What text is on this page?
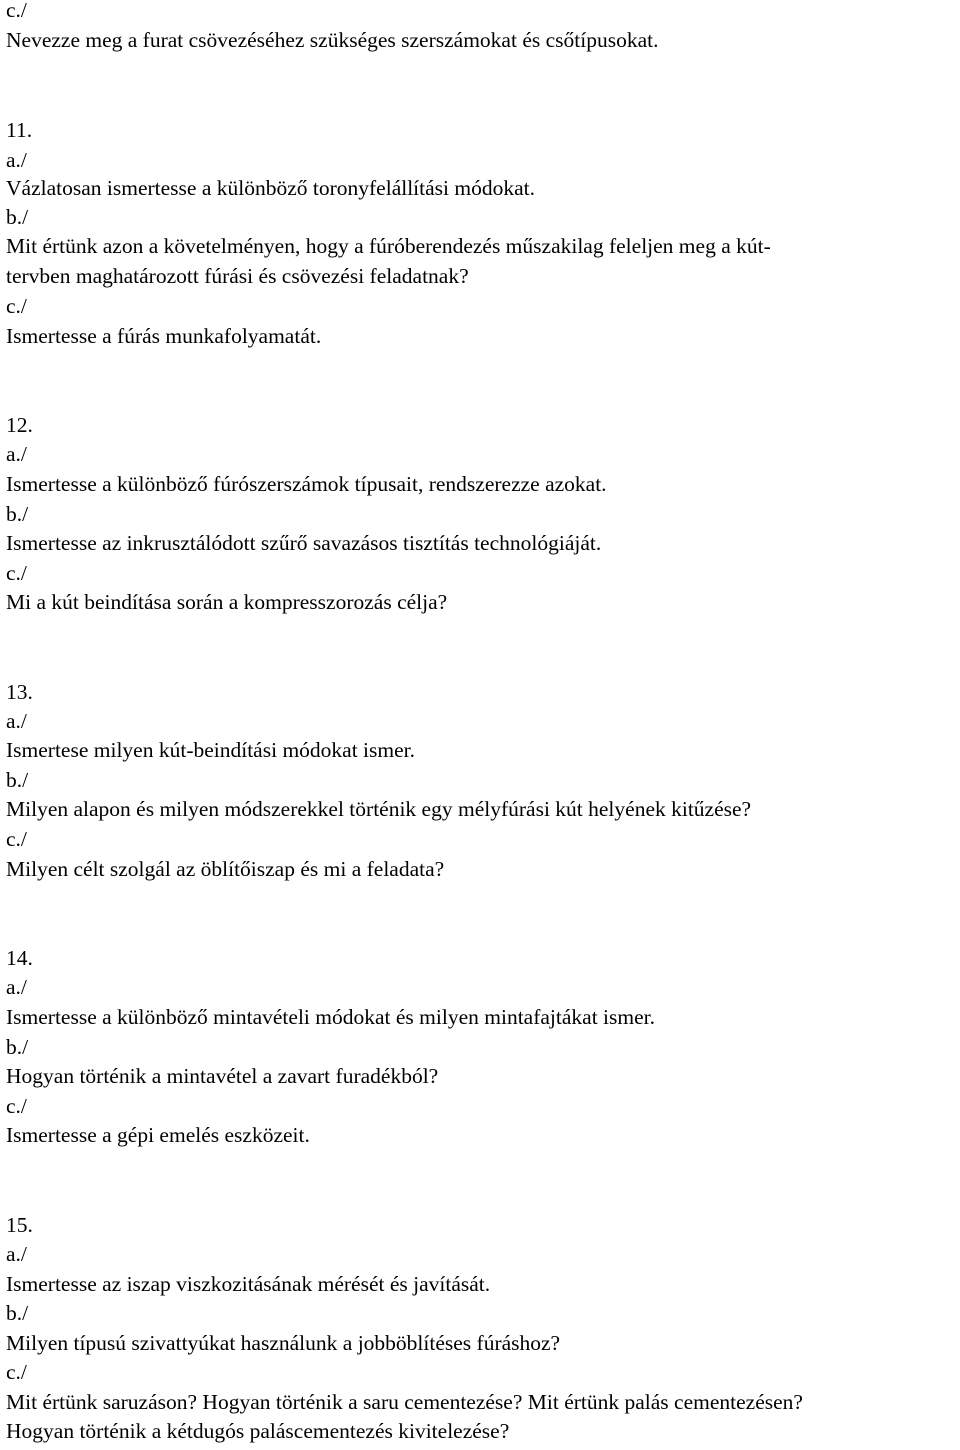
c./
Nevezze meg a furat csövezéséhez szükséges szerszámokat és csőtípusokat.
11.
a./
Vázlatosan ismertesse a különböző toronyfelállítási módokat.
b./
Mit értünk azon a követelményen, hogy a fúróberendezés műszakilag feleljen meg a kút-
tervben maghatározott fúrási és csövezési feladatnak?
c./
Ismertesse a fúrás munkafolyamatát.
12.
a./
Ismertesse a különböző fúrószerszámok típusait, rendszerezze azokat.
b./
Ismertesse az inkrusztálódott szűrő savazásos tisztítás technológiáját.
c./
Mi a kút beindítása során a kompresszorozás célja?
13.
a./
Ismertese milyen kút-beindítási módokat ismer.
b./
Milyen alapon és milyen módszerekkel történik egy mélyfúrási kút helyének kitűzése?
c./
Milyen célt szolgál az öblítőiszap és mi a feladata?
14.
a./
Ismertesse a különböző mintavételi módokat és milyen mintafajtákat ismer.
b./
Hogyan történik a mintavétel a zavart furadékból?
c./
Ismertesse a gépi emelés eszközeit.
15.
a./
Ismertesse az iszap viszkozitásának mérését és javítását.
b./
Milyen típusú szivattyúkat használunk a jobböblítéses fúráshoz?
c./
Mit értünk saruzáson? Hogyan történik a saru cementezése? Mit értünk palás cementezésen?
Hogyan történik a kétdugós paláscementezés kivitelezése?
